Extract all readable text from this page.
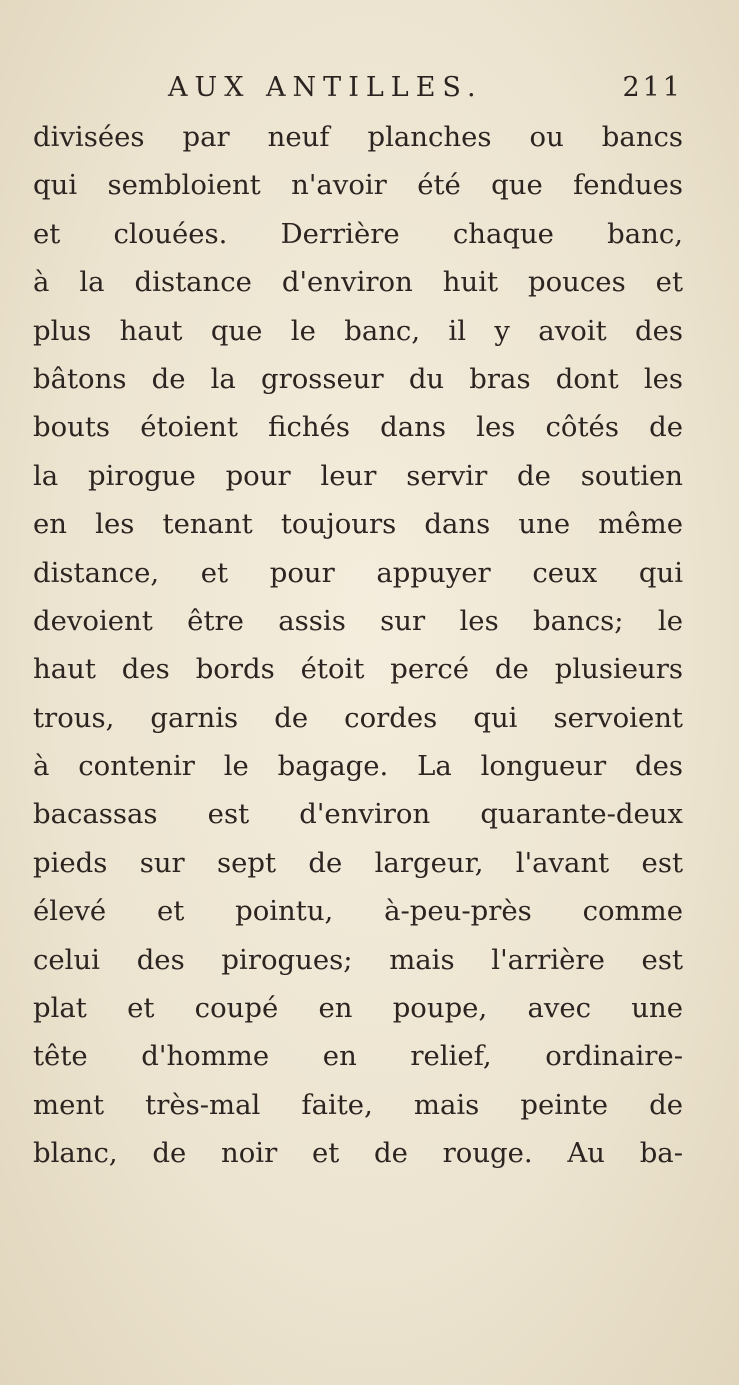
AUX ANTILLES.	211
divisées par neuf planches ou bancs
qui sembloient n'avoir été que fendues
et clouées. Derrière chaque banc,
à la distance d'environ huit pouces et
plus haut que le banc, il y avoit des
bâtons de la grosseur du bras dont les
bouts étoient fichés dans les côtés de
la pirogue pour leur servir de soutien
en les tenant toujours dans une même
distance, et pour appuyer ceux qui
devoient être assis sur les bancs; le
haut des bords étoit percé de plusieurs
trous, garnis de cordes qui servoient
à contenir le bagage. La longueur des
bacassas est d'environ quarante-deux
pieds sur sept de largeur, l'avant est
élevé et pointu, à-peu-près comme
celui des pirogues; mais l'arrière est
plat et coupé en poupe, avec une
tête d'homme en relief, ordinaire-
ment très-mal faite, mais peinte de
blanc, de noir et de rouge. Au ba-
